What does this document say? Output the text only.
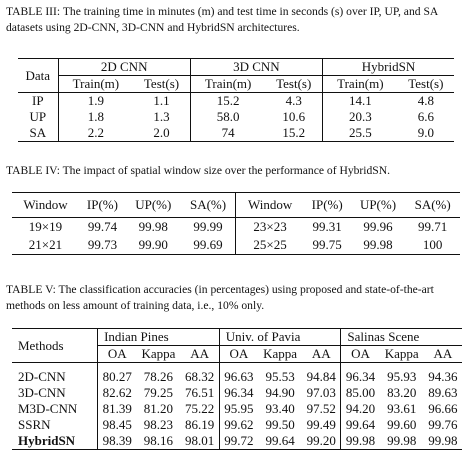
TABLE III: The training time in minutes (m) and test time in seconds (s) over IP, UP, and SA datasets using 2D-CNN, 3D-CNN and HybridSN architectures.
Data	2D CNN		3D CNN		HybridSN	
	Train(m)	Test(s)	Train(m)	Test(s)	Train(m)	Test(s)
IP	1.9	1.1	15.2	4.3	14.1	4.8
UP	1.8	1.3	58.0	10.6	20.3	6.6
SA	2.2	2.0	74	15.2	25.5	9.0
TABLE IV: The impact of spatial window size over the performance of HybridSN.
Window	IP(%)	UP(%)	SA(%)	Window	IP(%)	UP(%)	SA(%)
19×19	99.74	99.98	99.99	23×23	99.31	99.96	99.71
21×21	99.73	99.90	99.69	25×25	99.75	99.98	100
TABLE V: The classification accuracies (in percentages) using proposed and state-of-the-art methods on less amount of training data, i.e., 10% only.
Methods	Indian Pines			Univ. of Pavia			Salinas Scene		
	OA	Kappa	AA	OA	Kappa	AA	OA	Kappa	AA
2D-CNN	80.27	78.26	68.32	96.63	95.53	94.84	96.34	95.93	94.36
3D-CNN	82.62	79.25	76.51	96.34	94.90	97.03	85.00	83.20	89.63
M3D-CNN	81.39	81.20	75.22	95.95	93.40	97.52	94.20	93.61	96.66
SSRN	98.45	98.23	86.19	99.62	99.50	99.49	99.64	99.60	99.76
HybridSN	98.39	98.16	98.01	99.72	99.64	99.20	99.98	99.98	99.98
